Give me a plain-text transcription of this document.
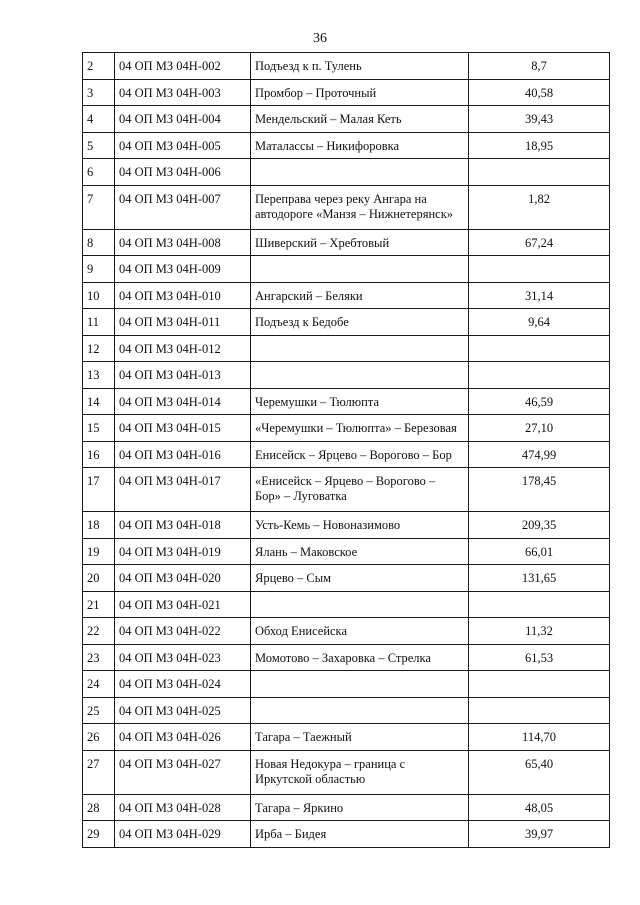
36
2	04 ОП МЗ 04Н-002	Подъезд к п. Тулень	8,7
3	04 ОП МЗ 04Н-003	Промбор – Проточный	40,58
4	04 ОП МЗ 04Н-004	Мендельский – Малая Кеть	39,43
5	04 ОП МЗ 04Н-005	Маталассы – Никифоровка	18,95
6	04 ОП МЗ 04Н-006		
7	04 ОП МЗ 04Н-007	Переправа через реку Ангара на автодороге «Манзя – Нижнетерянск»	1,82
8	04 ОП МЗ 04Н-008	Шиверский – Хребтовый	67,24
9	04 ОП МЗ 04Н-009		
10	04 ОП МЗ 04Н-010	Ангарский – Беляки	31,14
11	04 ОП МЗ 04Н-011	Подъезд к Бедобе	9,64
12	04 ОП МЗ 04Н-012		
13	04 ОП МЗ 04Н-013		
14	04 ОП МЗ 04Н-014	Черемушки – Тюлюпта	46,59
15	04 ОП МЗ 04Н-015	«Черемушки – Тюлюпта» – Березовая	27,10
16	04 ОП МЗ 04Н-016	Енисейск – Ярцево – Ворогово – Бор	474,99
17	04 ОП МЗ 04Н-017	«Енисейск – Ярцево – Ворогово – Бор» – Луговатка	178,45
18	04 ОП МЗ 04Н-018	Усть-Кемь – Новоназимово	209,35
19	04 ОП МЗ 04Н-019	Ялань – Маковское	66,01
20	04 ОП МЗ 04Н-020	Ярцево – Сым	131,65
21	04 ОП МЗ 04Н-021		
22	04 ОП МЗ 04Н-022	Обход Енисейска	11,32
23	04 ОП МЗ 04Н-023	Момотово – Захаровка – Стрелка	61,53
24	04 ОП МЗ 04Н-024		
25	04 ОП МЗ 04Н-025		
26	04 ОП МЗ 04Н-026	Тагара – Таежный	114,70
27	04 ОП МЗ 04Н-027	Новая Недокура – граница с Иркутской областью	65,40
28	04 ОП МЗ 04Н-028	Тагара – Яркино	48,05
29	04 ОП МЗ 04Н-029	Ирба – Бидея	39,97
